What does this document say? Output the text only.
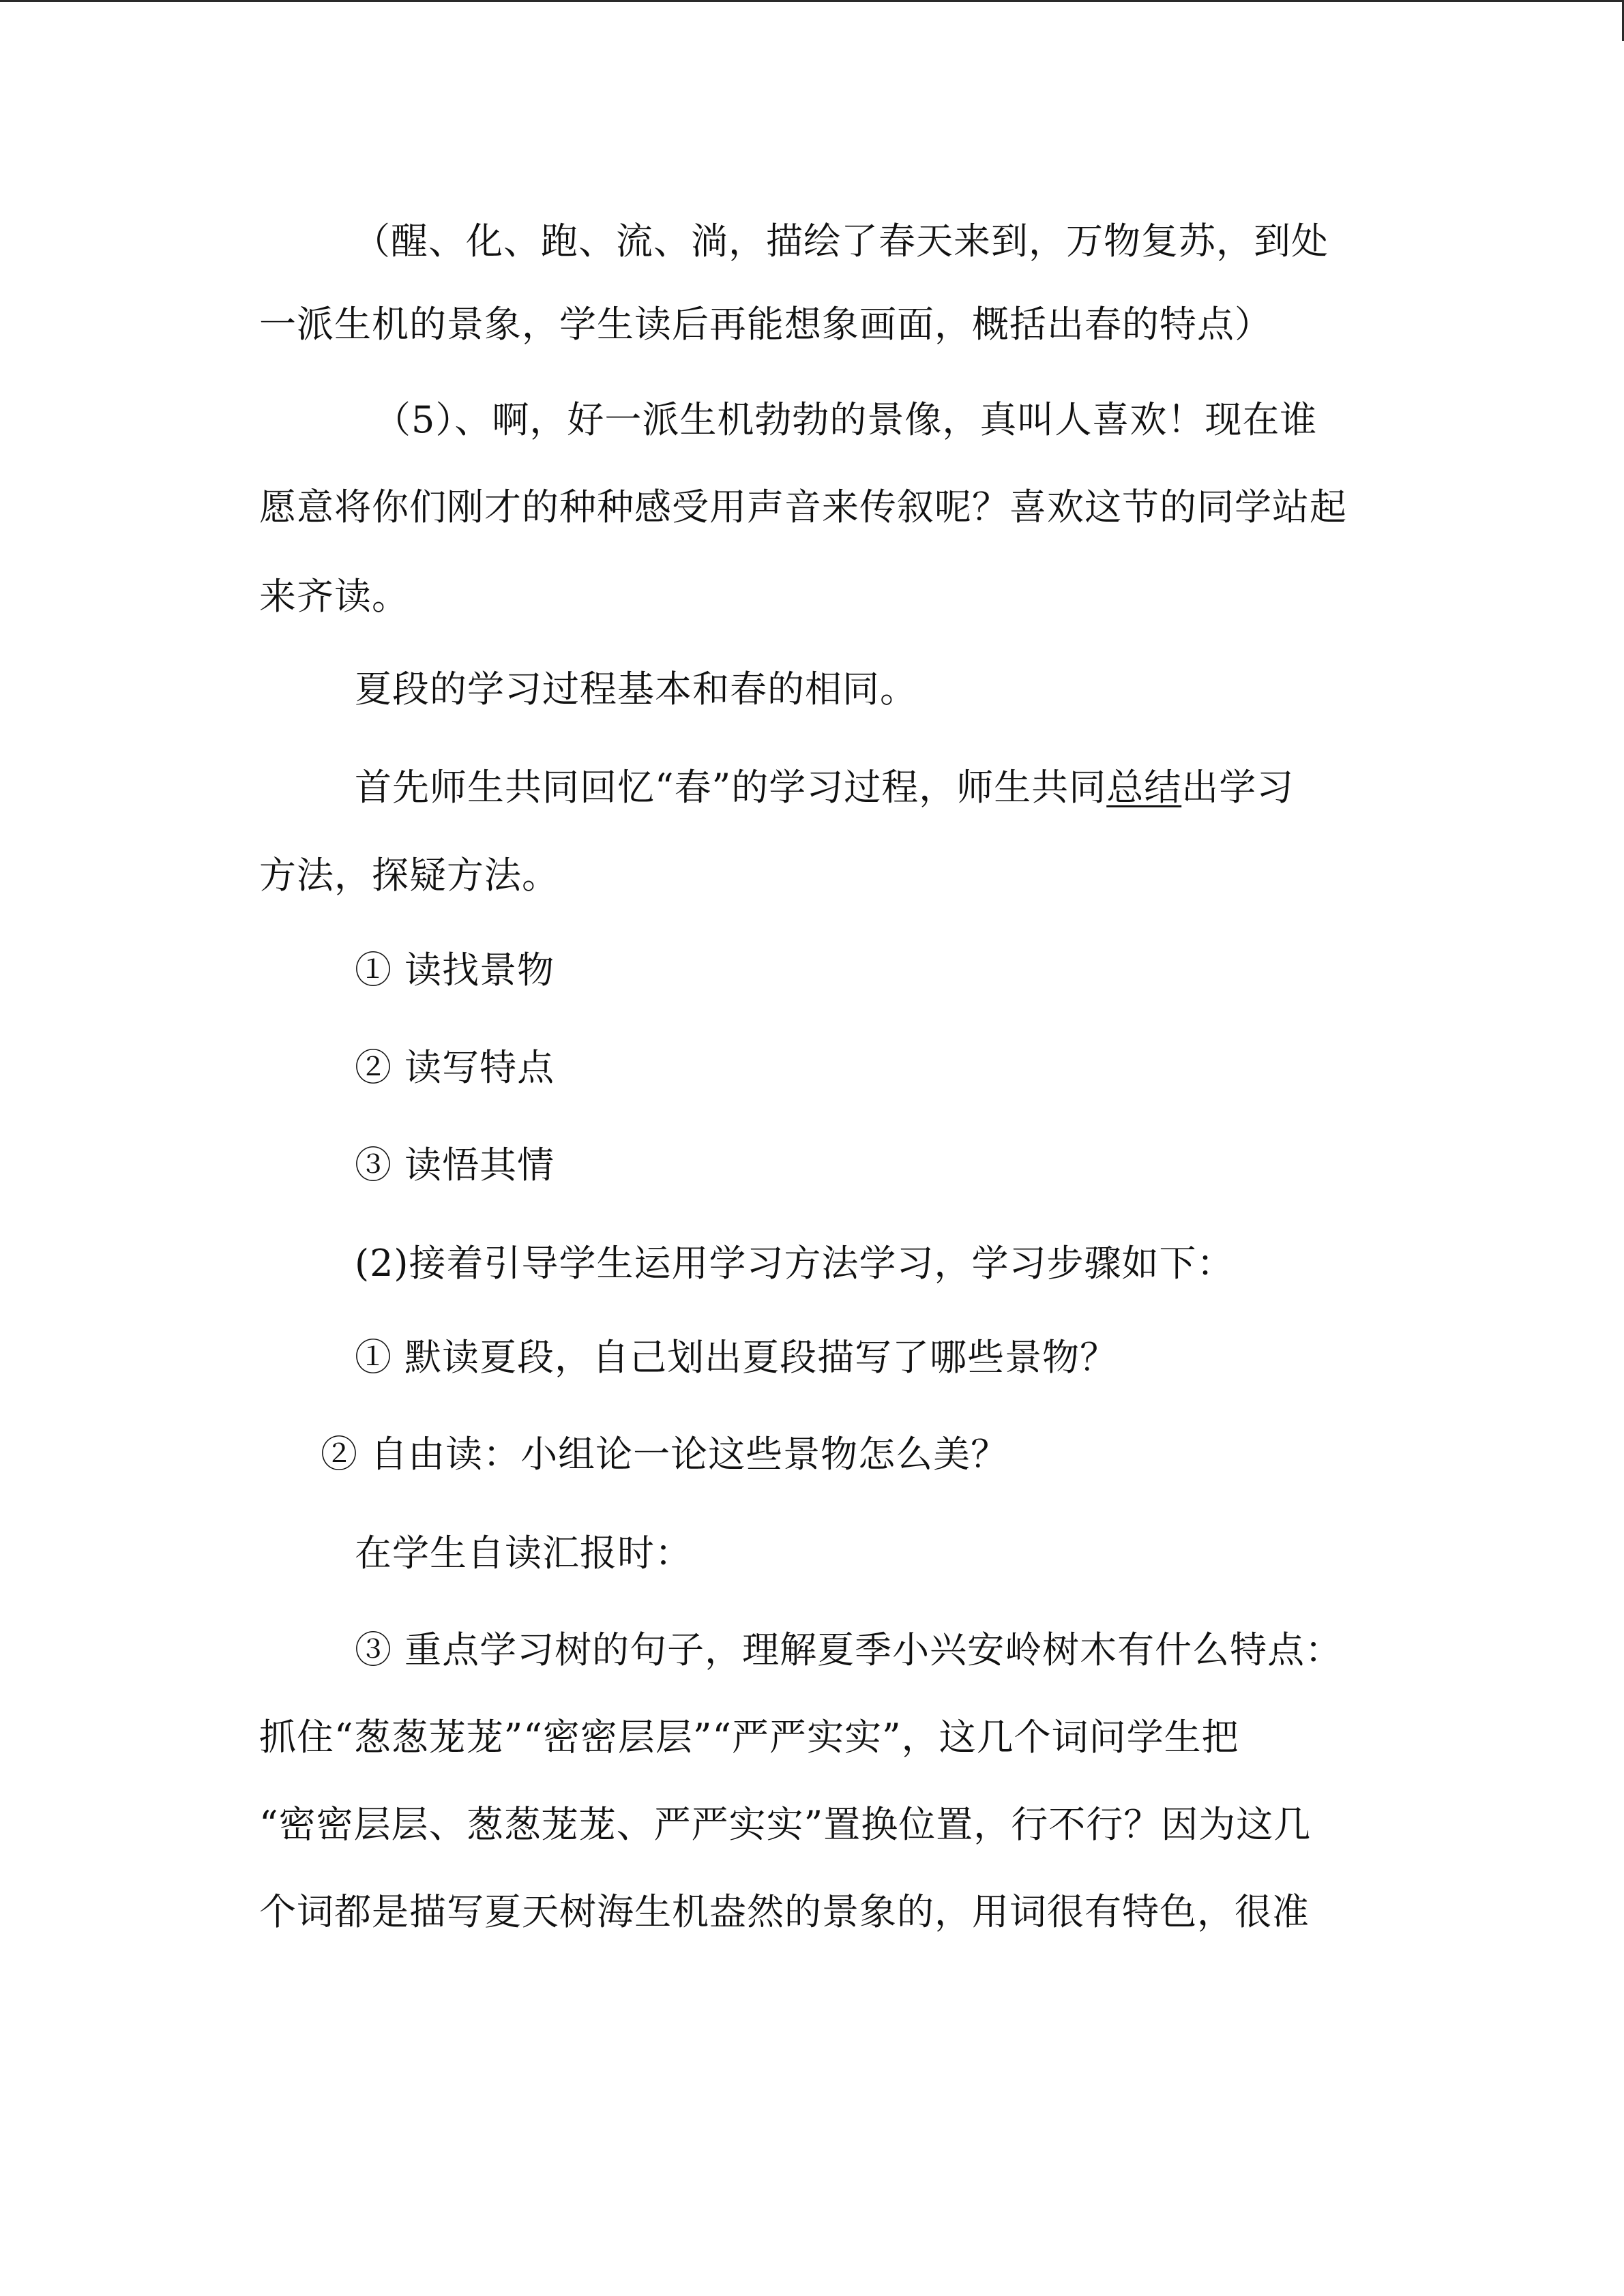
（醒、化、跑、流、淌，描绘了春天来到，万物复苏，到处
一派生机的景象，学生读后再能想象画面，概括出春的特点）
（5）、啊，好一派生机勃勃的景像，真叫人喜欢！现在谁
愿意将你们刚才的种种感受用声音来传叙呢？喜欢这节的同学站起
来齐读。
夏段的学习过程基本和春的相同。
首先师生共同回忆“春”的学习过程，师生共同总结出学习
方法，探疑方法。
① 读找景物
② 读写特点
③ 读悟其情
(2)接着引导学生运用学习方法学习，学习步骤如下：
① 默读夏段，自己划出夏段描写了哪些景物？
② 自由读：小组论一论这些景物怎么美？
在学生自读汇报时：
③ 重点学习树的句子，理解夏季小兴安岭树木有什么特点：
抓住“葱葱茏茏”“密密层层”“严严实实”，这几个词问学生把
“密密层层、葱葱茏茏、严严实实”置换位置，行不行？因为这几
个词都是描写夏天树海生机盎然的景象的，用词很有特色，很准
